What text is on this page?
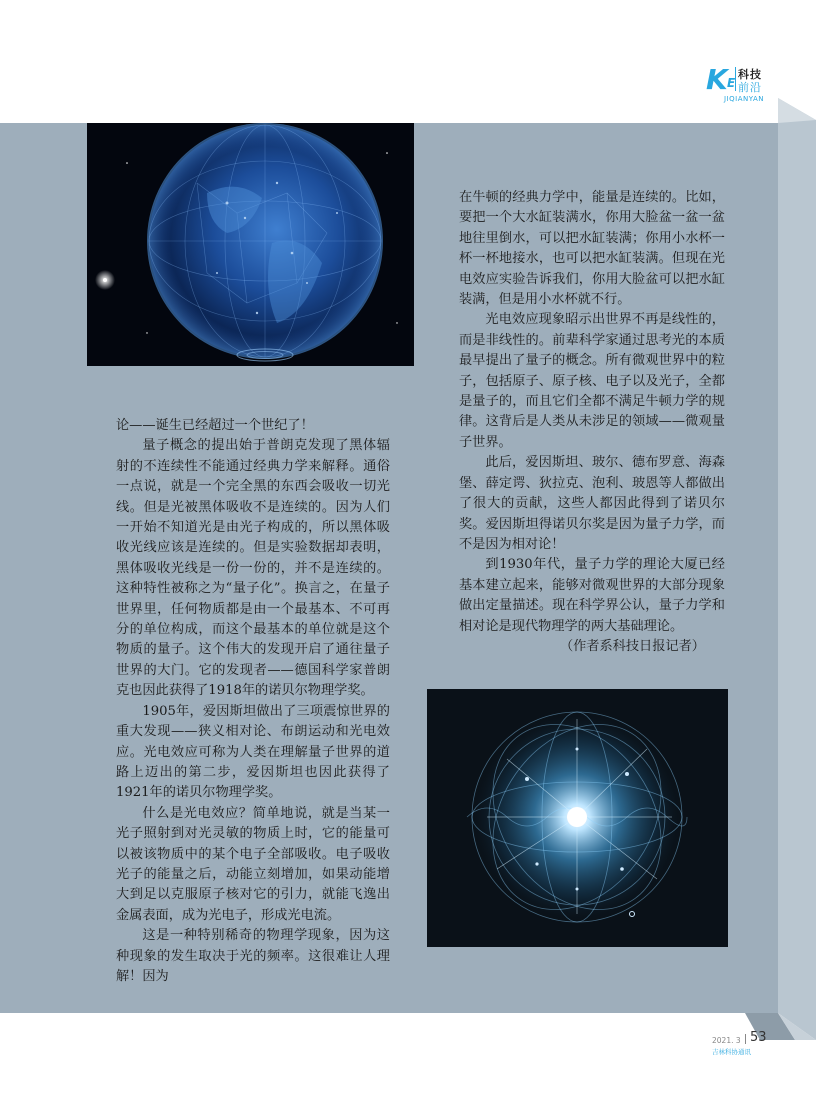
K E
科技
前沿
JIQIANYAN

论——诞生已经超过一个世纪了！

量子概念的提出始于普朗克发现了黑体辐射的不连续性不能通过经典力学来解释。通俗一点说，就是一个完全黑的东西会吸收一切光线。但是光被黑体吸收不是连续的。因为人们一开始不知道光是由光子构成的，所以黑体吸收光线应该是连续的。但是实验数据却表明，黑体吸收光线是一份一份的，并不是连续的。这种特性被称之为“量子化”。换言之，在量子世界里，任何物质都是由一个最基本、不可再分的单位构成，而这个最基本的单位就是这个物质的量子。这个伟大的发现开启了通往量子世界的大门。它的发现者——德国科学家普朗克也因此获得了1918年的诺贝尔物理学奖。

1905年，爱因斯坦做出了三项震惊世界的重大发现——狭义相对论、布朗运动和光电效应。光电效应可称为人类在理解量子世界的道路上迈出的第二步，爱因斯坦也因此获得了1921年的诺贝尔物理学奖。

什么是光电效应？简单地说，就是当某一光子照射到对光灵敏的物质上时，它的能量可以被该物质中的某个电子全部吸收。电子吸收光子的能量之后，动能立刻增加，如果动能增大到足以克服原子核对它的引力，就能飞逸出金属表面，成为光电子，形成光电流。

这是一种特别稀奇的物理学现象，因为这种现象的发生取决于光的频率。这很难让人理解！因为

在牛顿的经典力学中，能量是连续的。比如，要把一个大水缸装满水，你用大脸盆一盆一盆地往里倒水，可以把水缸装满；你用小水杯一杯一杯地接水，也可以把水缸装满。但现在光电效应实验告诉我们，你用大脸盆可以把水缸装满，但是用小水杯就不行。

光电效应现象昭示出世界不再是线性的，而是非线性的。前辈科学家通过思考光的本质最早提出了量子的概念。所有微观世界中的粒子，包括原子、原子核、电子以及光子，全都是量子的，而且它们全都不满足牛顿力学的规律。这背后是人类从未涉足的领域——微观量子世界。

此后，爱因斯坦、玻尔、德布罗意、海森堡、薛定谔、狄拉克、泡利、玻恩等人都做出了很大的贡献，这些人都因此得到了诺贝尔奖。爱因斯坦得诺贝尔奖是因为量子力学，而不是因为相对论！

到1930年代，量子力学的理论大厦已经基本建立起来，能够对微观世界的大部分现象做出定量描述。现在科学界公认，量子力学和相对论是现代物理学的两大基础理论。

（作者系科技日报记者）

2021. 3 53
吉林科协通讯
